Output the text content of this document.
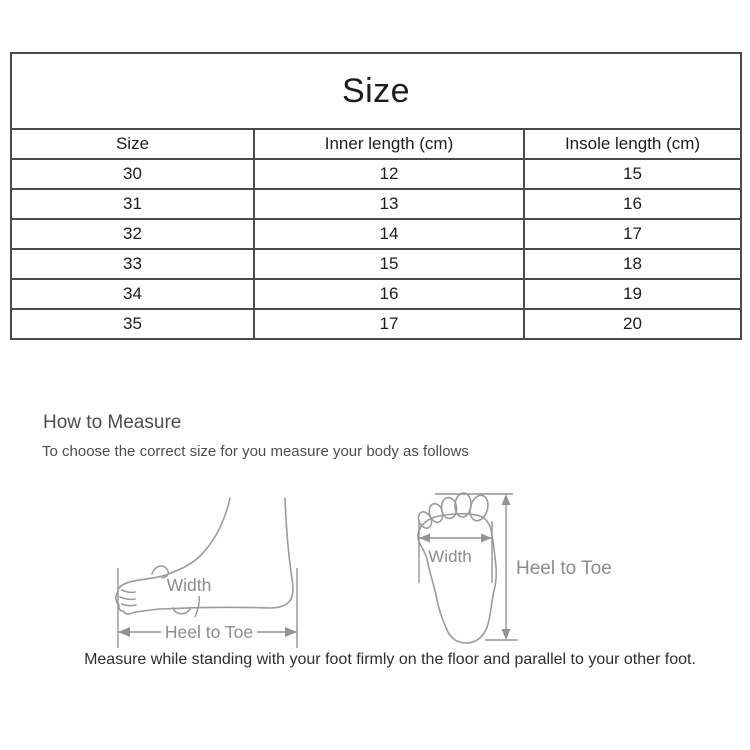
Size		
Size	Inner length (cm)	Insole length (cm)
30	12	15
31	13	16
32	14	17
33	15	18
34	16	19
35	17	20
How to Measure
To choose the correct size for you measure your body as follows
Width
Heel to Toe
Width
Heel to Toe
Measure while standing with your foot firmly on the floor and parallel to your other foot.
